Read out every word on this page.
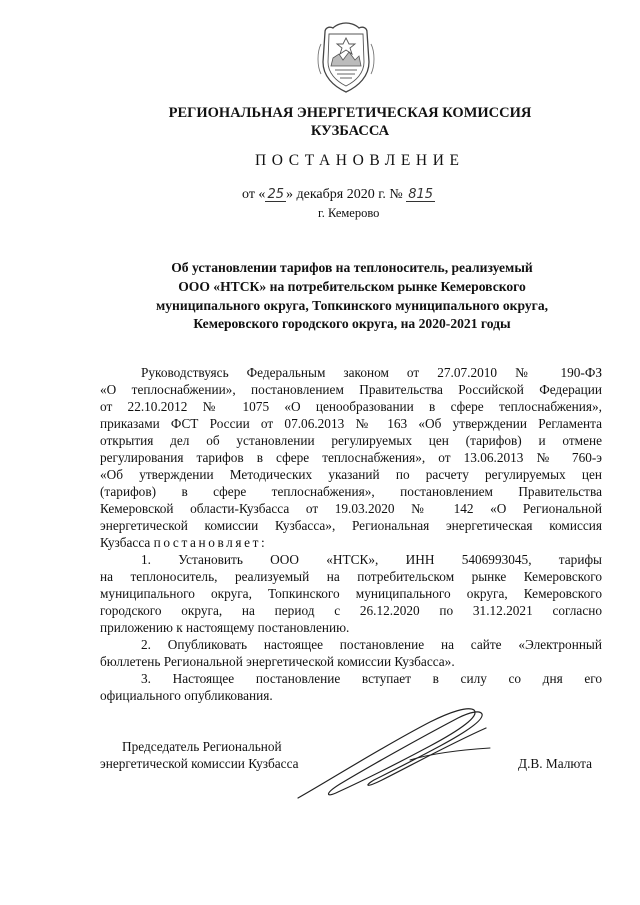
РЕГИОНАЛЬНАЯ ЭНЕРГЕТИЧЕСКАЯ КОМИССИЯ
КУЗБАССА
ПОСТАНОВЛЕНИЕ
от « 25 » декабря 2020 г. № 815
г. Кемерово
Об установлении тарифов на теплоноситель, реализуемый
ООО «НТСК» на потребительском рынке Кемеровского
муниципального округа, Топкинского муниципального округа,
Кемеровского городского округа, на 2020-2021 годы
Руководствуясь Федеральным законом от 27.07.2010 № 190-ФЗ
«О теплоснабжении», постановлением Правительства Российской Федерации
от 22.10.2012 № 1075 «О ценообразовании в сфере теплоснабжения»,
приказами ФСТ России от 07.06.2013 № 163 «Об утверждении Регламента
открытия дел об установлении регулируемых цен (тарифов) и отмене
регулирования тарифов в сфере теплоснабжения», от 13.06.2013 № 760-э
«Об утверждении Методических указаний по расчету регулируемых цен
(тарифов) в сфере теплоснабжения», постановлением Правительства
Кемеровской области-Кузбасса от 19.03.2020 № 142 «О Региональной
энергетической комиссии Кузбасса», Региональная энергетическая комиссия
Кузбасса постановляет:
1. Установить ООО «НТСК», ИНН 5406993045, тарифы
на теплоноситель, реализуемый на потребительском рынке Кемеровского
муниципального округа, Топкинского муниципального округа, Кемеровского
городского округа, на период с 26.12.2020 по 31.12.2021 согласно
приложению к настоящему постановлению.
2. Опубликовать настоящее постановление на сайте «Электронный
бюллетень Региональной энергетической комиссии Кузбасса».
3. Настоящее постановление вступает в силу со дня его
официального опубликования.
Председатель Региональной
энергетической комиссии Кузбасса	Д.В. Малюта
